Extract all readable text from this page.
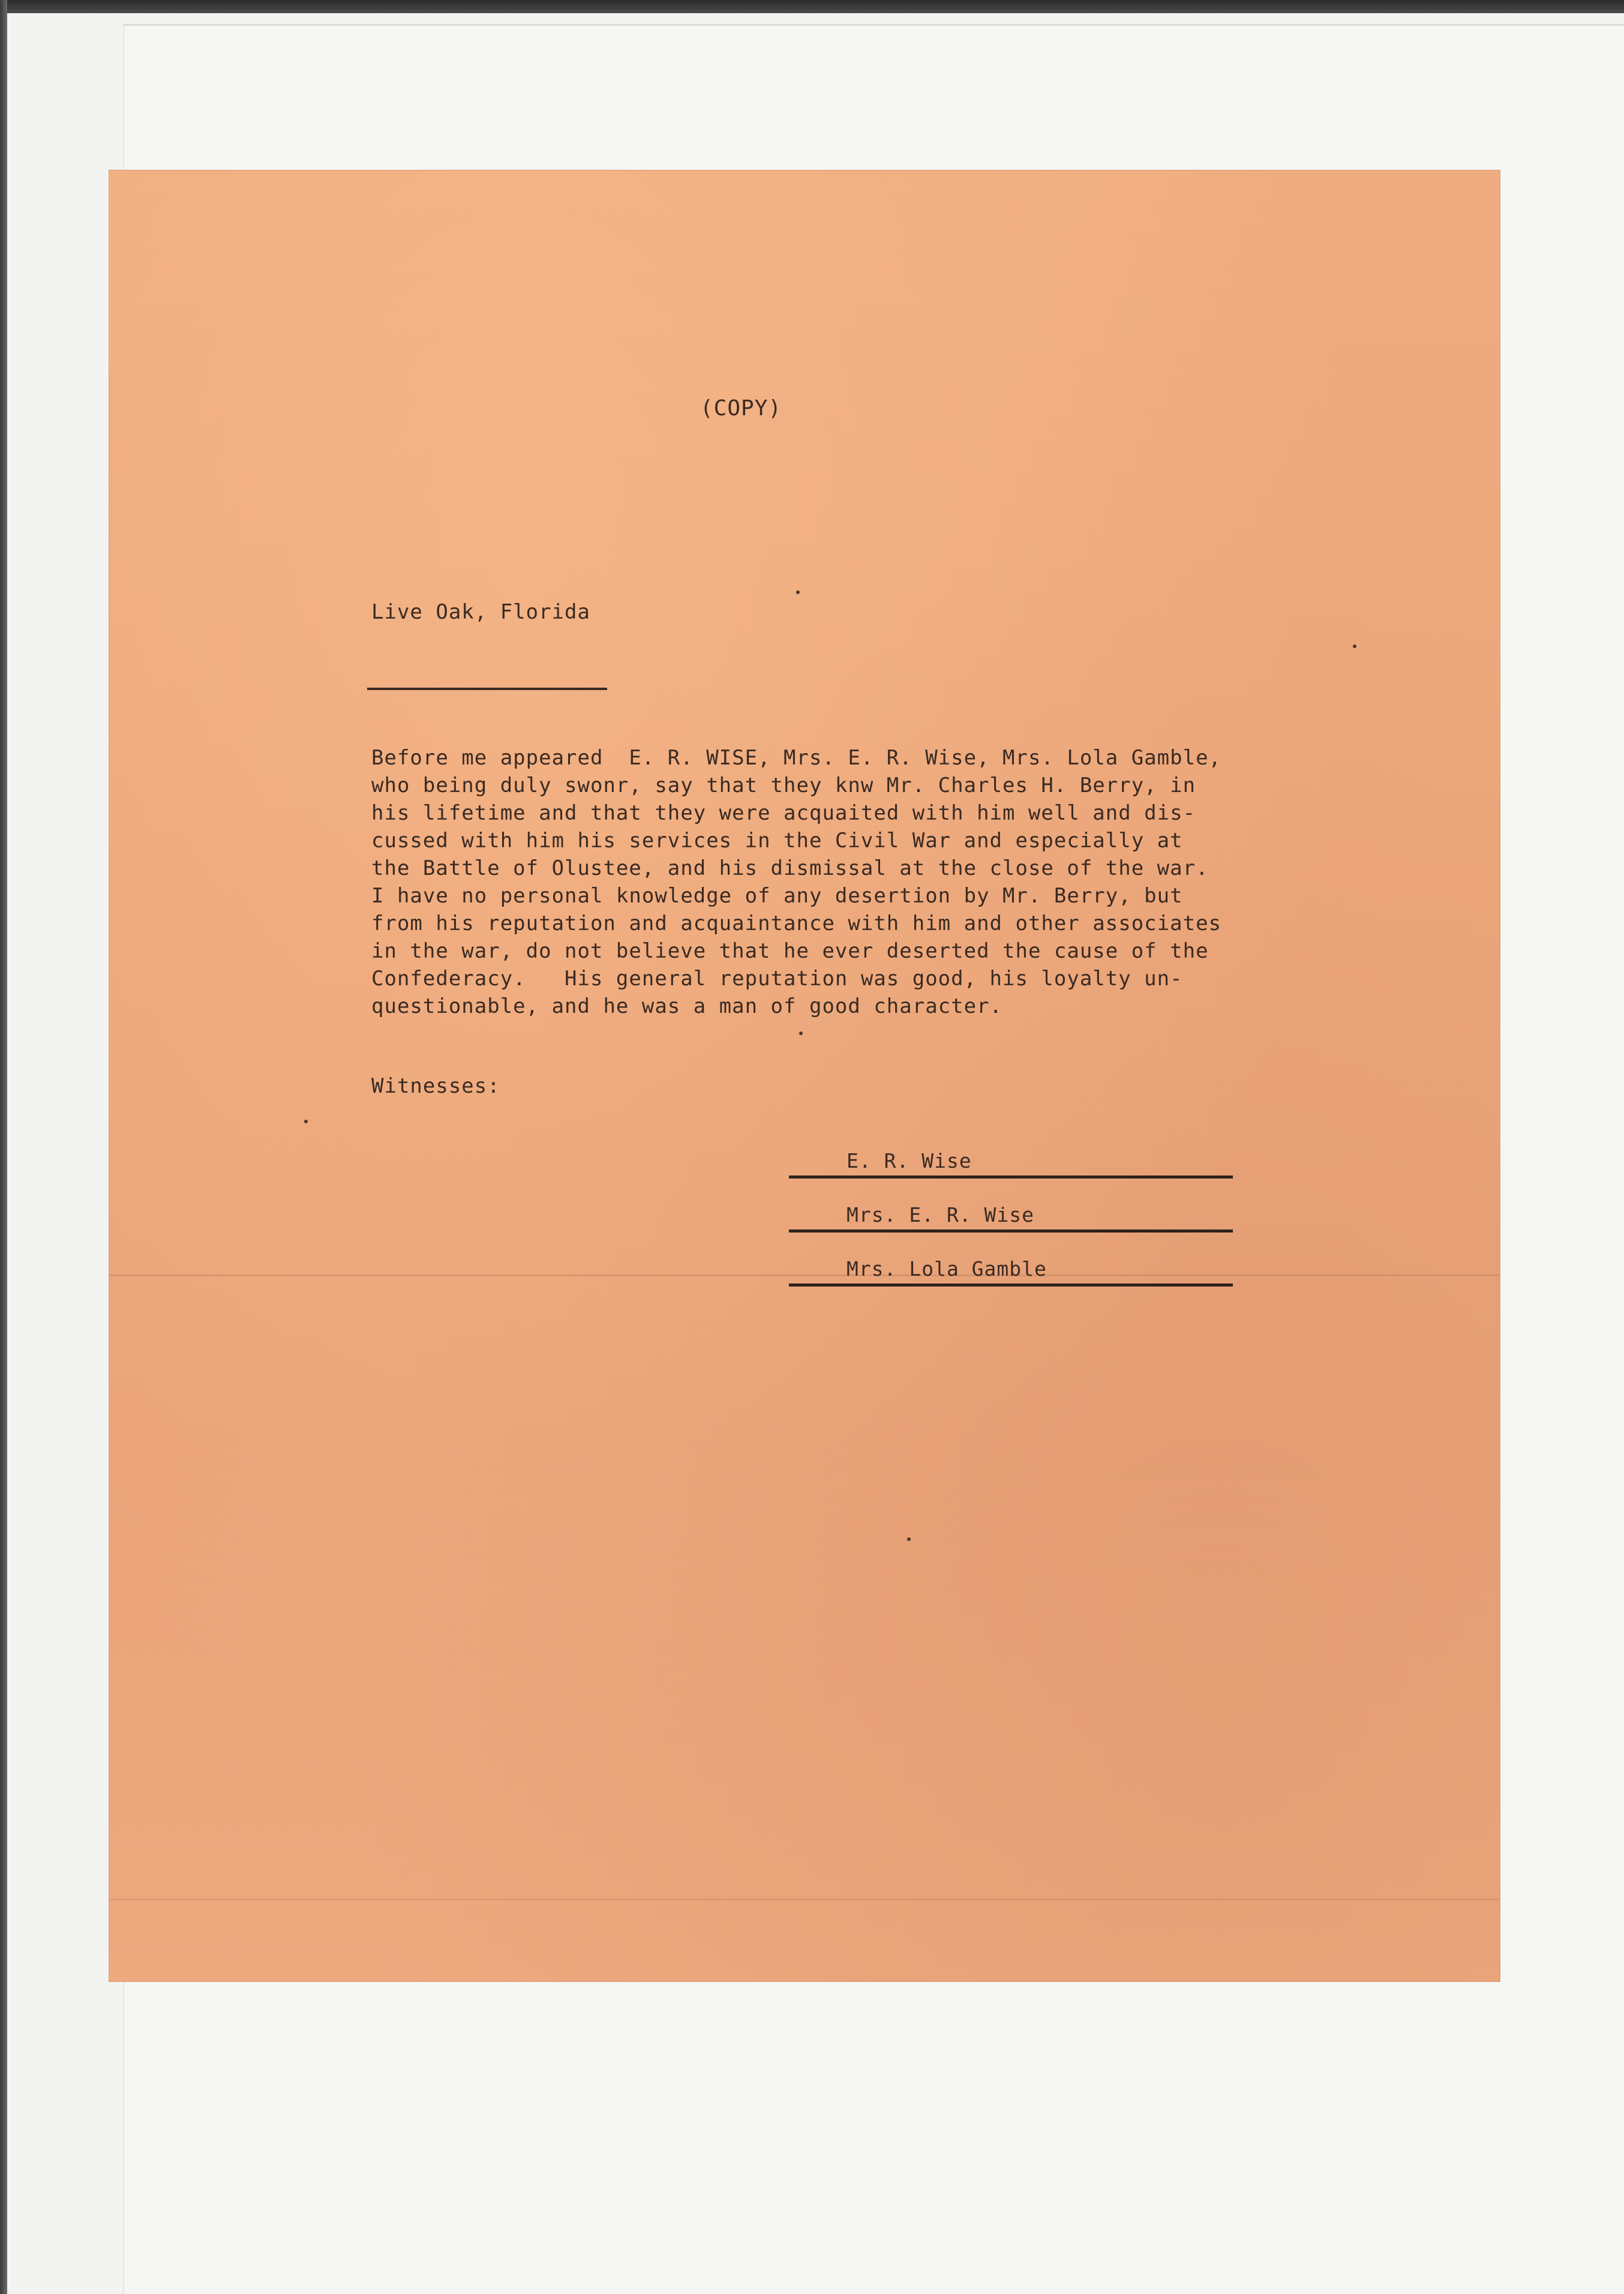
(COPY)
Live Oak, Florida
Before me appeared  E. R. WISE, Mrs. E. R. Wise, Mrs. Lola Gamble,
who being duly swonr, say that they knw Mr. Charles H. Berry, in
his lifetime and that they were acquaited with him well and dis-
cussed with him his services in the Civil War and especially at
the Battle of Olustee, and his dismissal at the close of the war.
I have no personal knowledge of any desertion by Mr. Berry, but
from his reputation and acquaintance with him and other associates
in the war, do not believe that he ever deserted the cause of the
Confederacy.   His general reputation was good, his loyalty un-
questionable, and he was a man of good character.
Witnesses:
E. R. Wise
Mrs. E. R. Wise
Mrs. Lola Gamble
